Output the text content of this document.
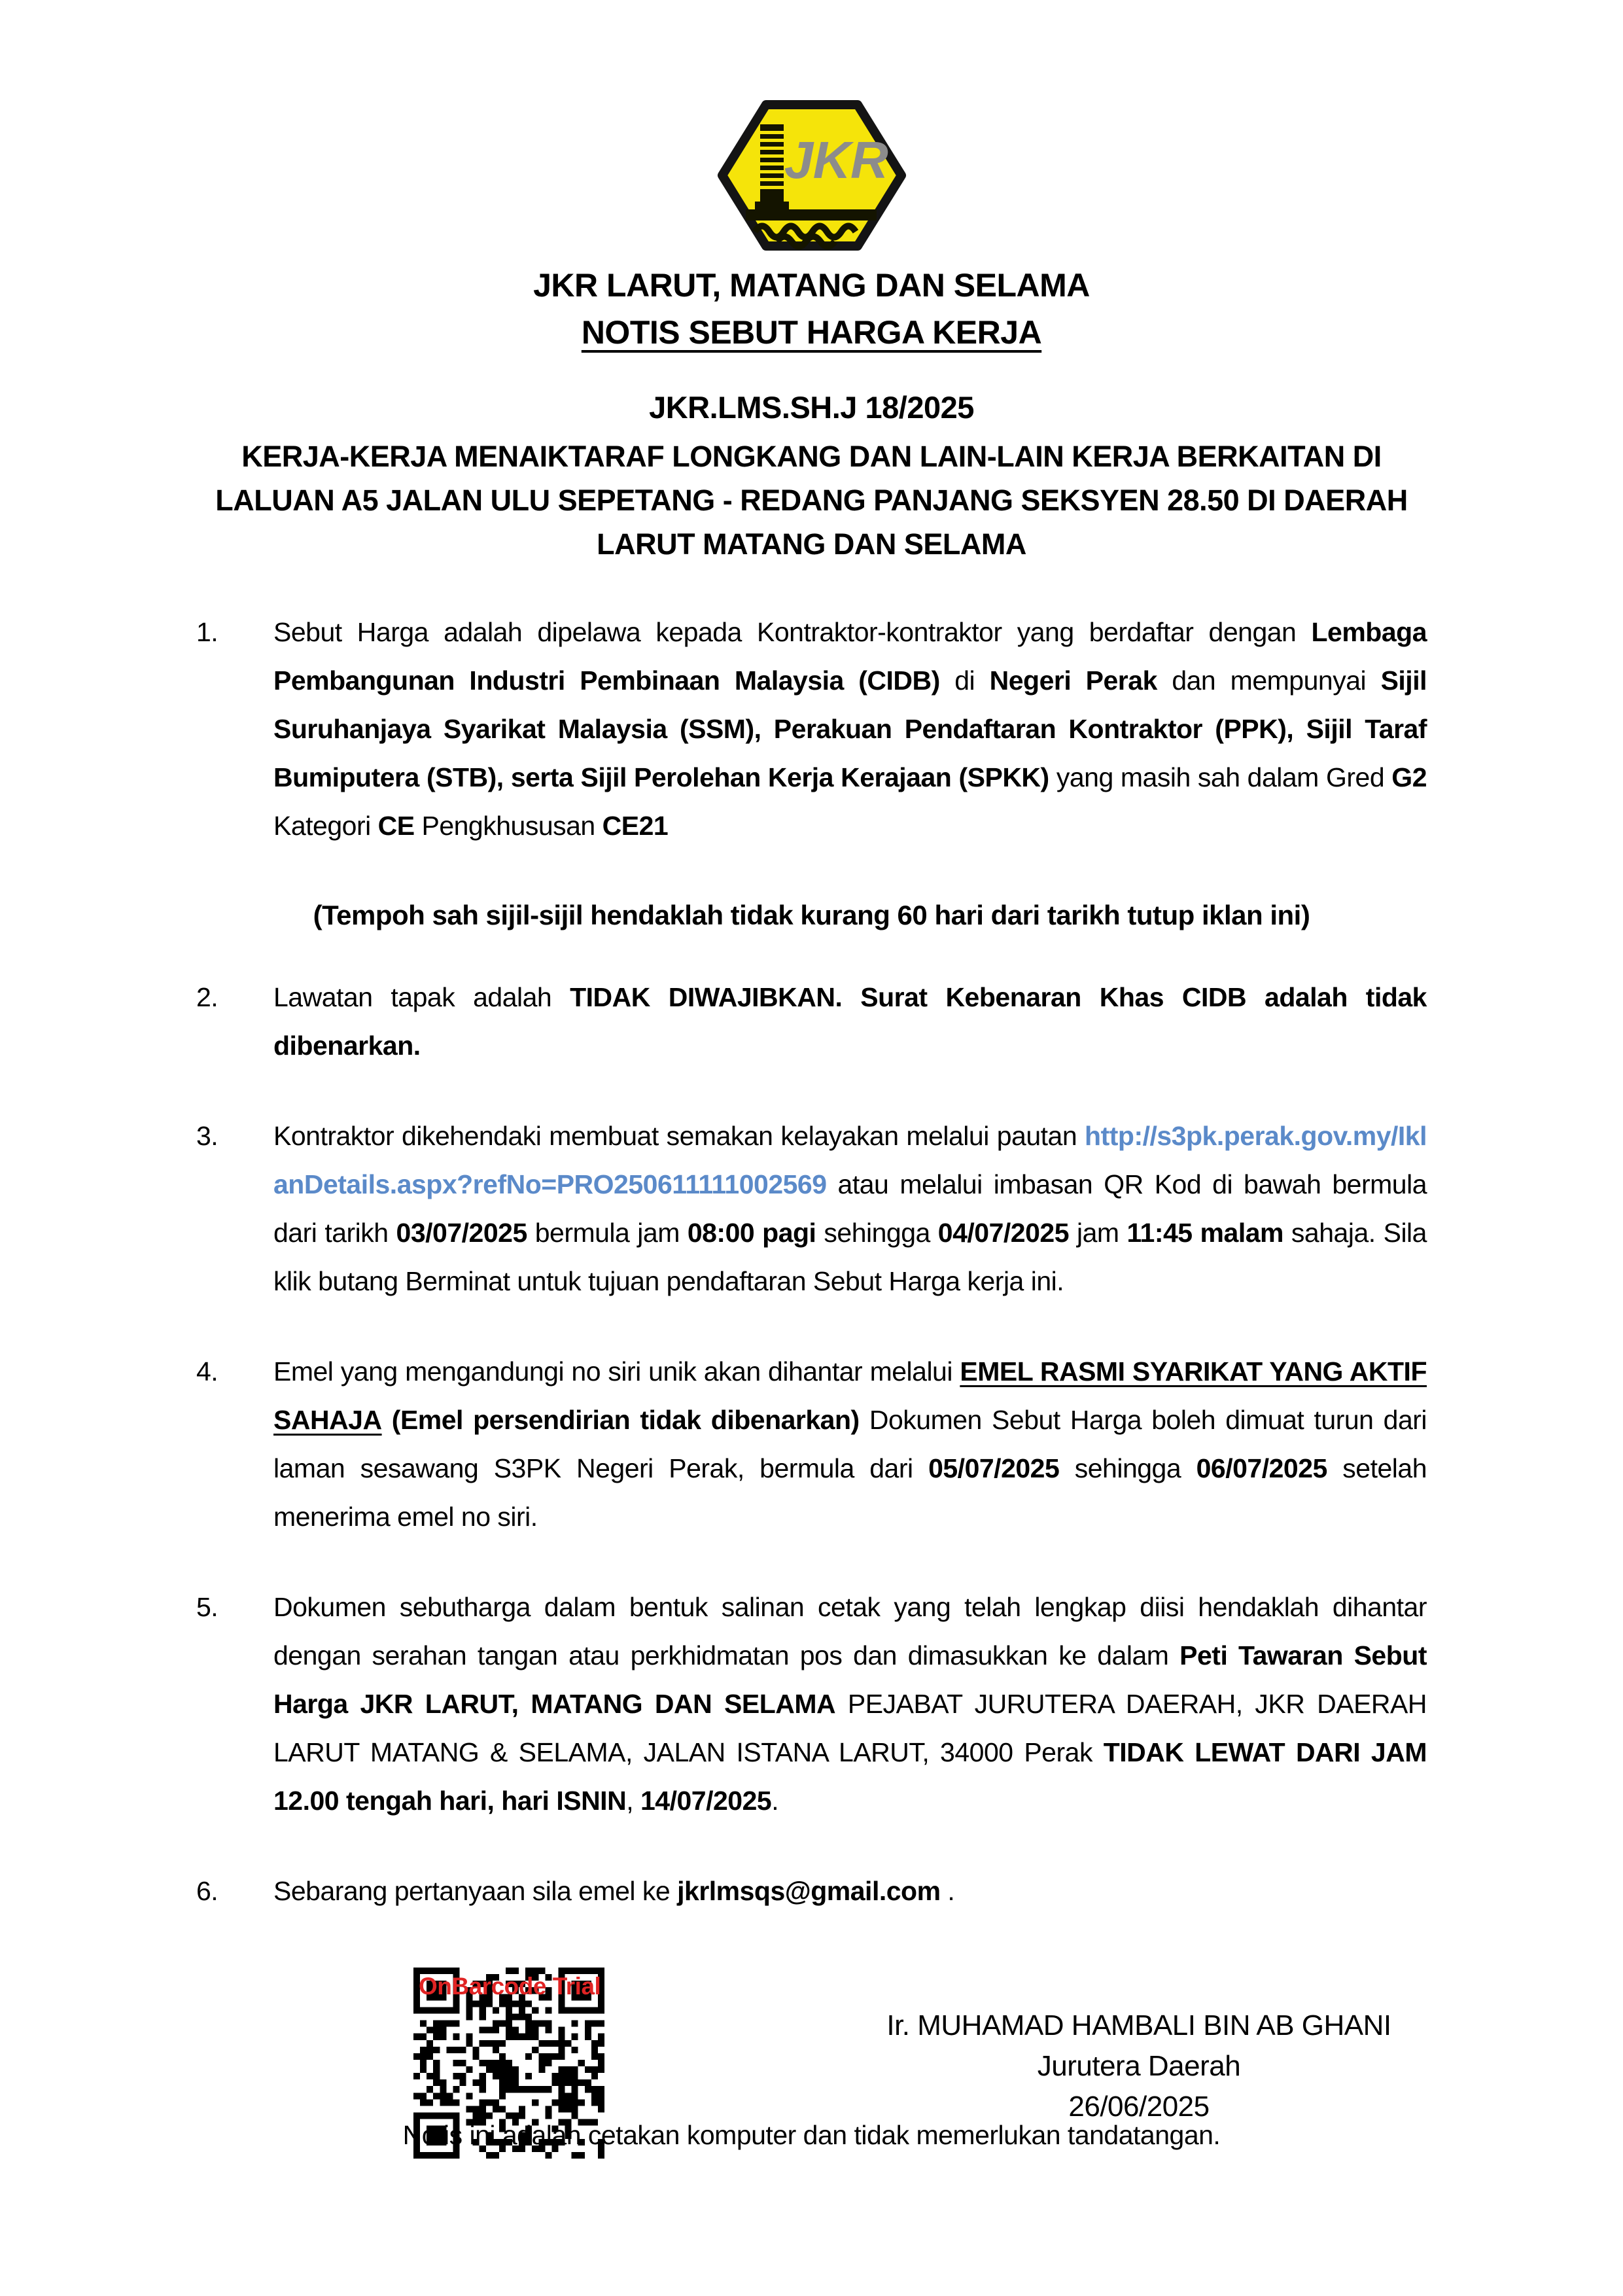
JKR
JKR LARUT, MATANG DAN SELAMA
NOTIS SEBUT HARGA KERJA
JKR.LMS.SH.J 18/2025
KERJA-KERJA MENAIKTARAF LONGKANG DAN LAIN-LAIN KERJA BERKAITAN DI LALUAN A5 JALAN ULU SEPETANG - REDANG PANJANG SEKSYEN 28.50 DI DAERAH LARUT MATANG DAN SELAMA
1.	Sebut Harga adalah dipelawa kepada Kontraktor-kontraktor yang berdaftar dengan Lembaga Pembangunan Industri Pembinaan Malaysia (CIDB) di Negeri Perak dan mempunyai Sijil Suruhanjaya Syarikat Malaysia (SSM), Perakuan Pendaftaran Kontraktor (PPK), Sijil Taraf Bumiputera (STB), serta Sijil Perolehan Kerja Kerajaan (SPKK) yang masih sah dalam Gred G2 Kategori CE Pengkhususan CE21
(Tempoh sah sijil-sijil hendaklah tidak kurang 60 hari dari tarikh tutup iklan ini)
2.	Lawatan tapak adalah TIDAK DIWAJIBKAN. Surat Kebenaran Khas CIDB adalah tidak dibenarkan.
3.	Kontraktor dikehendaki membuat semakan kelayakan melalui pautan http://s3pk.perak.gov.my/IklanDetails.aspx?refNo=PRO250611111002569 atau melalui imbasan QR Kod di bawah bermula dari tarikh 03/07/2025 bermula jam 08:00 pagi sehingga 04/07/2025 jam 11:45 malam sahaja. Sila klik butang Berminat untuk tujuan pendaftaran Sebut Harga kerja ini.
4.	Emel yang mengandungi no siri unik akan dihantar melalui EMEL RASMI SYARIKAT YANG AKTIF SAHAJA (Emel persendirian tidak dibenarkan) Dokumen Sebut Harga boleh dimuat turun dari laman sesawang S3PK Negeri Perak, bermula dari 05/07/2025 sehingga 06/07/2025 setelah menerima emel no siri.
5.	Dokumen sebutharga dalam bentuk salinan cetak yang telah lengkap diisi hendaklah dihantar dengan serahan tangan atau perkhidmatan pos dan dimasukkan ke dalam Peti Tawaran Sebut Harga JKR LARUT, MATANG DAN SELAMA PEJABAT JURUTERA DAERAH, JKR DAERAH LARUT MATANG & SELAMA, JALAN ISTANA LARUT, 34000 Perak TIDAK LEWAT DARI JAM 12.00 tengah hari, hari ISNIN, 14/07/2025.
6.	Sebarang pertanyaan sila emel ke jkrlmsqs@gmail.com .
OnBarcode Trial
Ir. MUHAMAD HAMBALI BIN AB GHANI
Jurutera Daerah
26/06/2025
Notis ini adalah cetakan komputer dan tidak memerlukan tandatangan.
